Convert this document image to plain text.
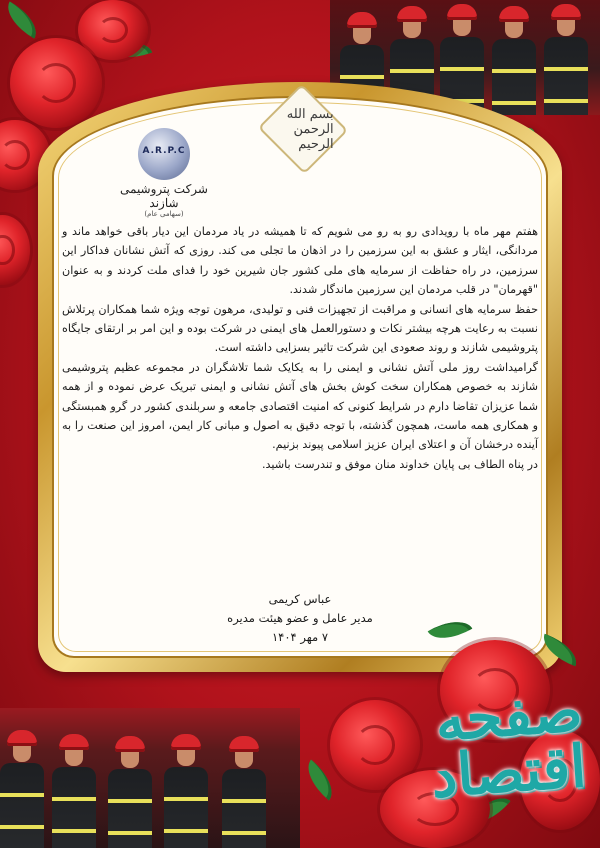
بسم الله الرحمن الرحیم
A.R.P.C
شرکت پتروشیمی شازند
(سهامی عام)

هفتم مهر ماه با رویدادی رو به رو می شویم که تا همیشه در یاد مردمان این دیار باقی خواهد ماند و مردانگی، ایثار و عشق به این سرزمین را در اذهان ما تجلی می کند. روزی که آتش نشانان فداکار این سرزمین، در راه حفاظت از سرمایه های ملی کشور جان شیرین خود را فدای ملت کردند و به عنوان "قهرمان" در قلب مردمان این سرزمین ماندگار شدند.

حفظ سرمایه های انسانی و مراقبت از تجهیزات فنی و تولیدی، مرهون توجه ویژه شما همکاران پرتلاش نسبت به رعایت هرچه بیشتر نکات و دستورالعمل های ایمنی در شرکت بوده و این امر بر ارتقای جایگاه پتروشیمی شازند و روند صعودی این شرکت تاثیر بسزایی داشته است.

گرامیداشت روز ملی آتش نشانی و ایمنی را به یکایک شما تلاشگران در مجموعه عظیم پتروشیمی شازند به خصوص همکاران سخت کوش بخش های آتش نشانی و ایمنی تبریک عرض نموده و از همه شما عزیزان تقاضا دارم در شرایط کنونی که امنیت اقتصادی جامعه و سربلندی کشور در گرو همبستگی و همکاری همه ماست، همچون گذشته، با توجه دقیق به اصول و مبانی کار ایمن، امروز این صنعت را به آینده درخشان آن و اعتلای ایران عزیز اسلامی پیوند بزنیم.

در پناه الطاف بی پایان خداوند منان موفق و تندرست باشید.

عباس کریمی
مدیر عامل و عضو هیئت مدیره
۷ مهر ۱۴۰۴
صفحه
اقتصاد
